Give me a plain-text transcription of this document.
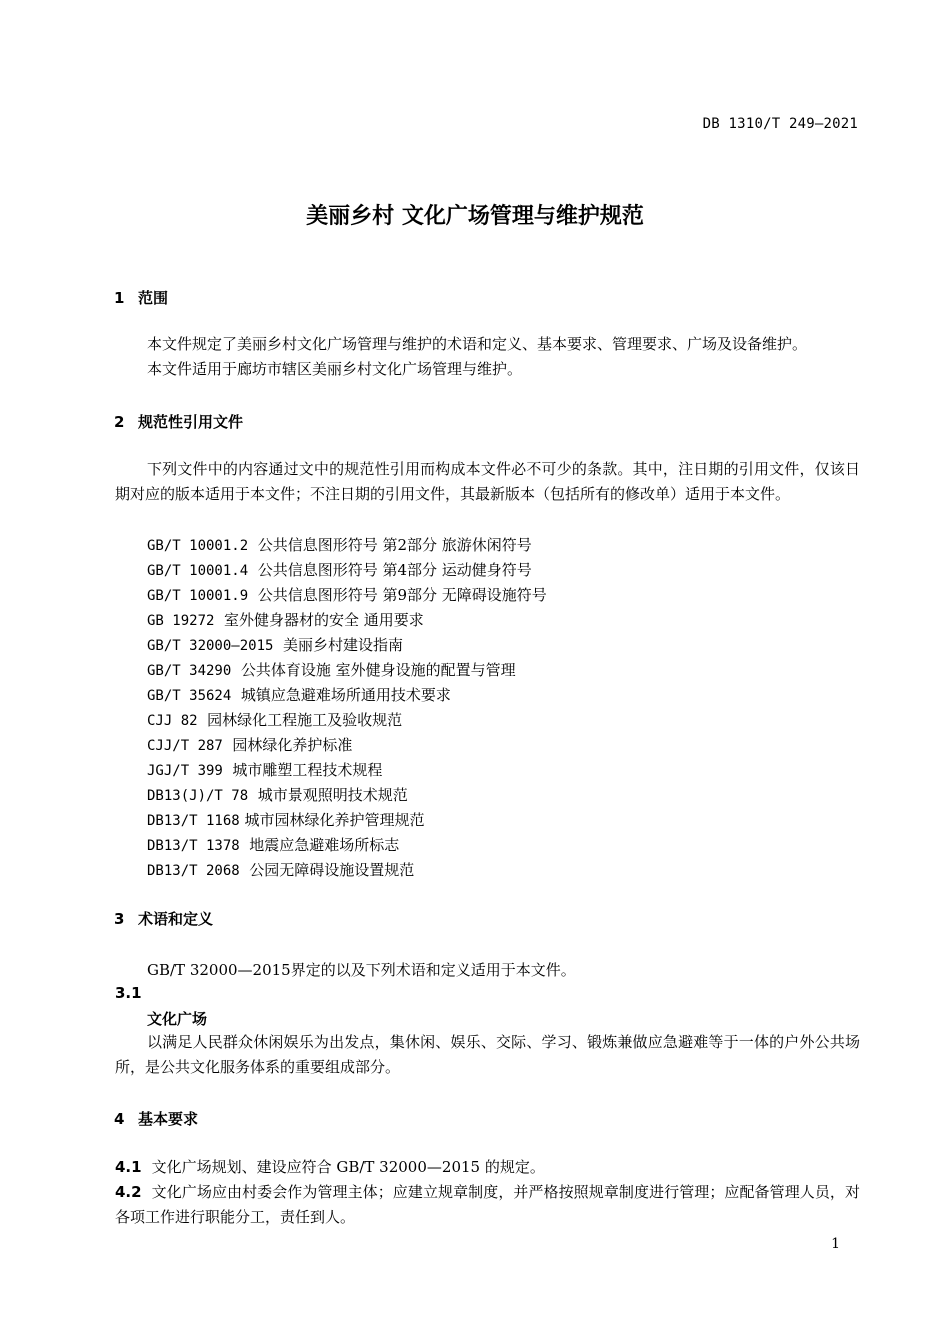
DB 1310/T 249—2021
美丽乡村 文化广场管理与维护规范
1 范围
本文件规定了美丽乡村文化广场管理与维护的术语和定义、基本要求、管理要求、广场及设备维护。
本文件适用于廊坊市辖区美丽乡村文化广场管理与维护。
2 规范性引用文件
下列文件中的内容通过文中的规范性引用而构成本文件必不可少的条款。其中，注日期的引用文件，仅该日期对应的版本适用于本文件；不注日期的引用文件，其最新版本（包括所有的修改单）适用于本文件。
GB/T 10001.2 公共信息图形符号 第2部分 旅游休闲符号
GB/T 10001.4 公共信息图形符号 第4部分 运动健身符号
GB/T 10001.9 公共信息图形符号 第9部分 无障碍设施符号
GB 19272 室外健身器材的安全 通用要求
GB/T 32000—2015 美丽乡村建设指南
GB/T 34290 公共体育设施 室外健身设施的配置与管理
GB/T 35624 城镇应急避难场所通用技术要求
CJJ 82 园林绿化工程施工及验收规范
CJJ/T 287 园林绿化养护标准
JGJ/T 399 城市雕塑工程技术规程
DB13(J)/T 78 城市景观照明技术规范
DB13/T 1168 城市园林绿化养护管理规范
DB13/T 1378 地震应急避难场所标志
DB13/T 2068 公园无障碍设施设置规范
3 术语和定义
GB/T 32000—2015界定的以及下列术语和定义适用于本文件。
3.1
文化广场
以满足人民群众休闲娱乐为出发点，集休闲、娱乐、交际、学习、锻炼兼做应急避难等于一体的户外公共场所，是公共文化服务体系的重要组成部分。
4 基本要求
4.1 文化广场规划、建设应符合 GB/T 32000—2015 的规定。
4.2 文化广场应由村委会作为管理主体；应建立规章制度，并严格按照规章制度进行管理；应配备管理人员，对各项工作进行职能分工，责任到人。
1
